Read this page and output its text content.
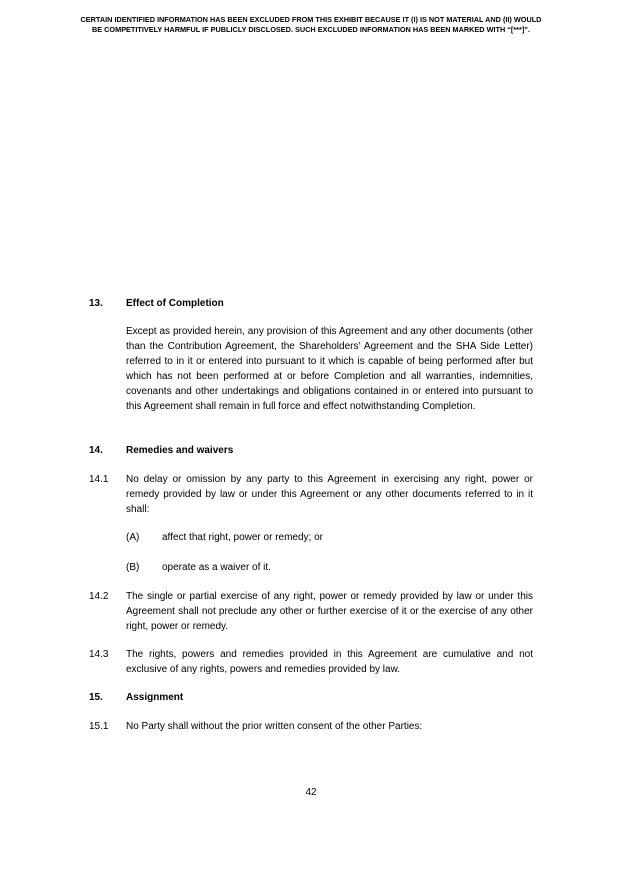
CERTAIN IDENTIFIED INFORMATION HAS BEEN EXCLUDED FROM THIS EXHIBIT BECAUSE IT (I) IS NOT MATERIAL AND (II) WOULD
BE COMPETITIVELY HARMFUL IF PUBLICLY DISCLOSED. SUCH EXCLUDED INFORMATION HAS BEEN MARKED WITH “[***]”.
13. Effect of Completion
Except as provided herein, any provision of this Agreement and any other documents (other than the Contribution Agreement, the Shareholders’ Agreement and the SHA Side Letter) referred to in it or entered into pursuant to it which is capable of being performed after but which has not been performed at or before Completion and all warranties, indemnities, covenants and other undertakings and obligations contained in or entered into pursuant to this Agreement shall remain in full force and effect notwithstanding Completion.
14. Remedies and waivers
14.1 No delay or omission by any party to this Agreement in exercising any right, power or remedy provided by law or under this Agreement or any other documents referred to in it shall:
(A) affect that right, power or remedy; or
(B) operate as a waiver of it.
14.2 The single or partial exercise of any right, power or remedy provided by law or under this Agreement shall not preclude any other or further exercise of it or the exercise of any other right, power or remedy.
14.3 The rights, powers and remedies provided in this Agreement are cumulative and not exclusive of any rights, powers and remedies provided by law.
15. Assignment
15.1 No Party shall without the prior written consent of the other Parties:
42
